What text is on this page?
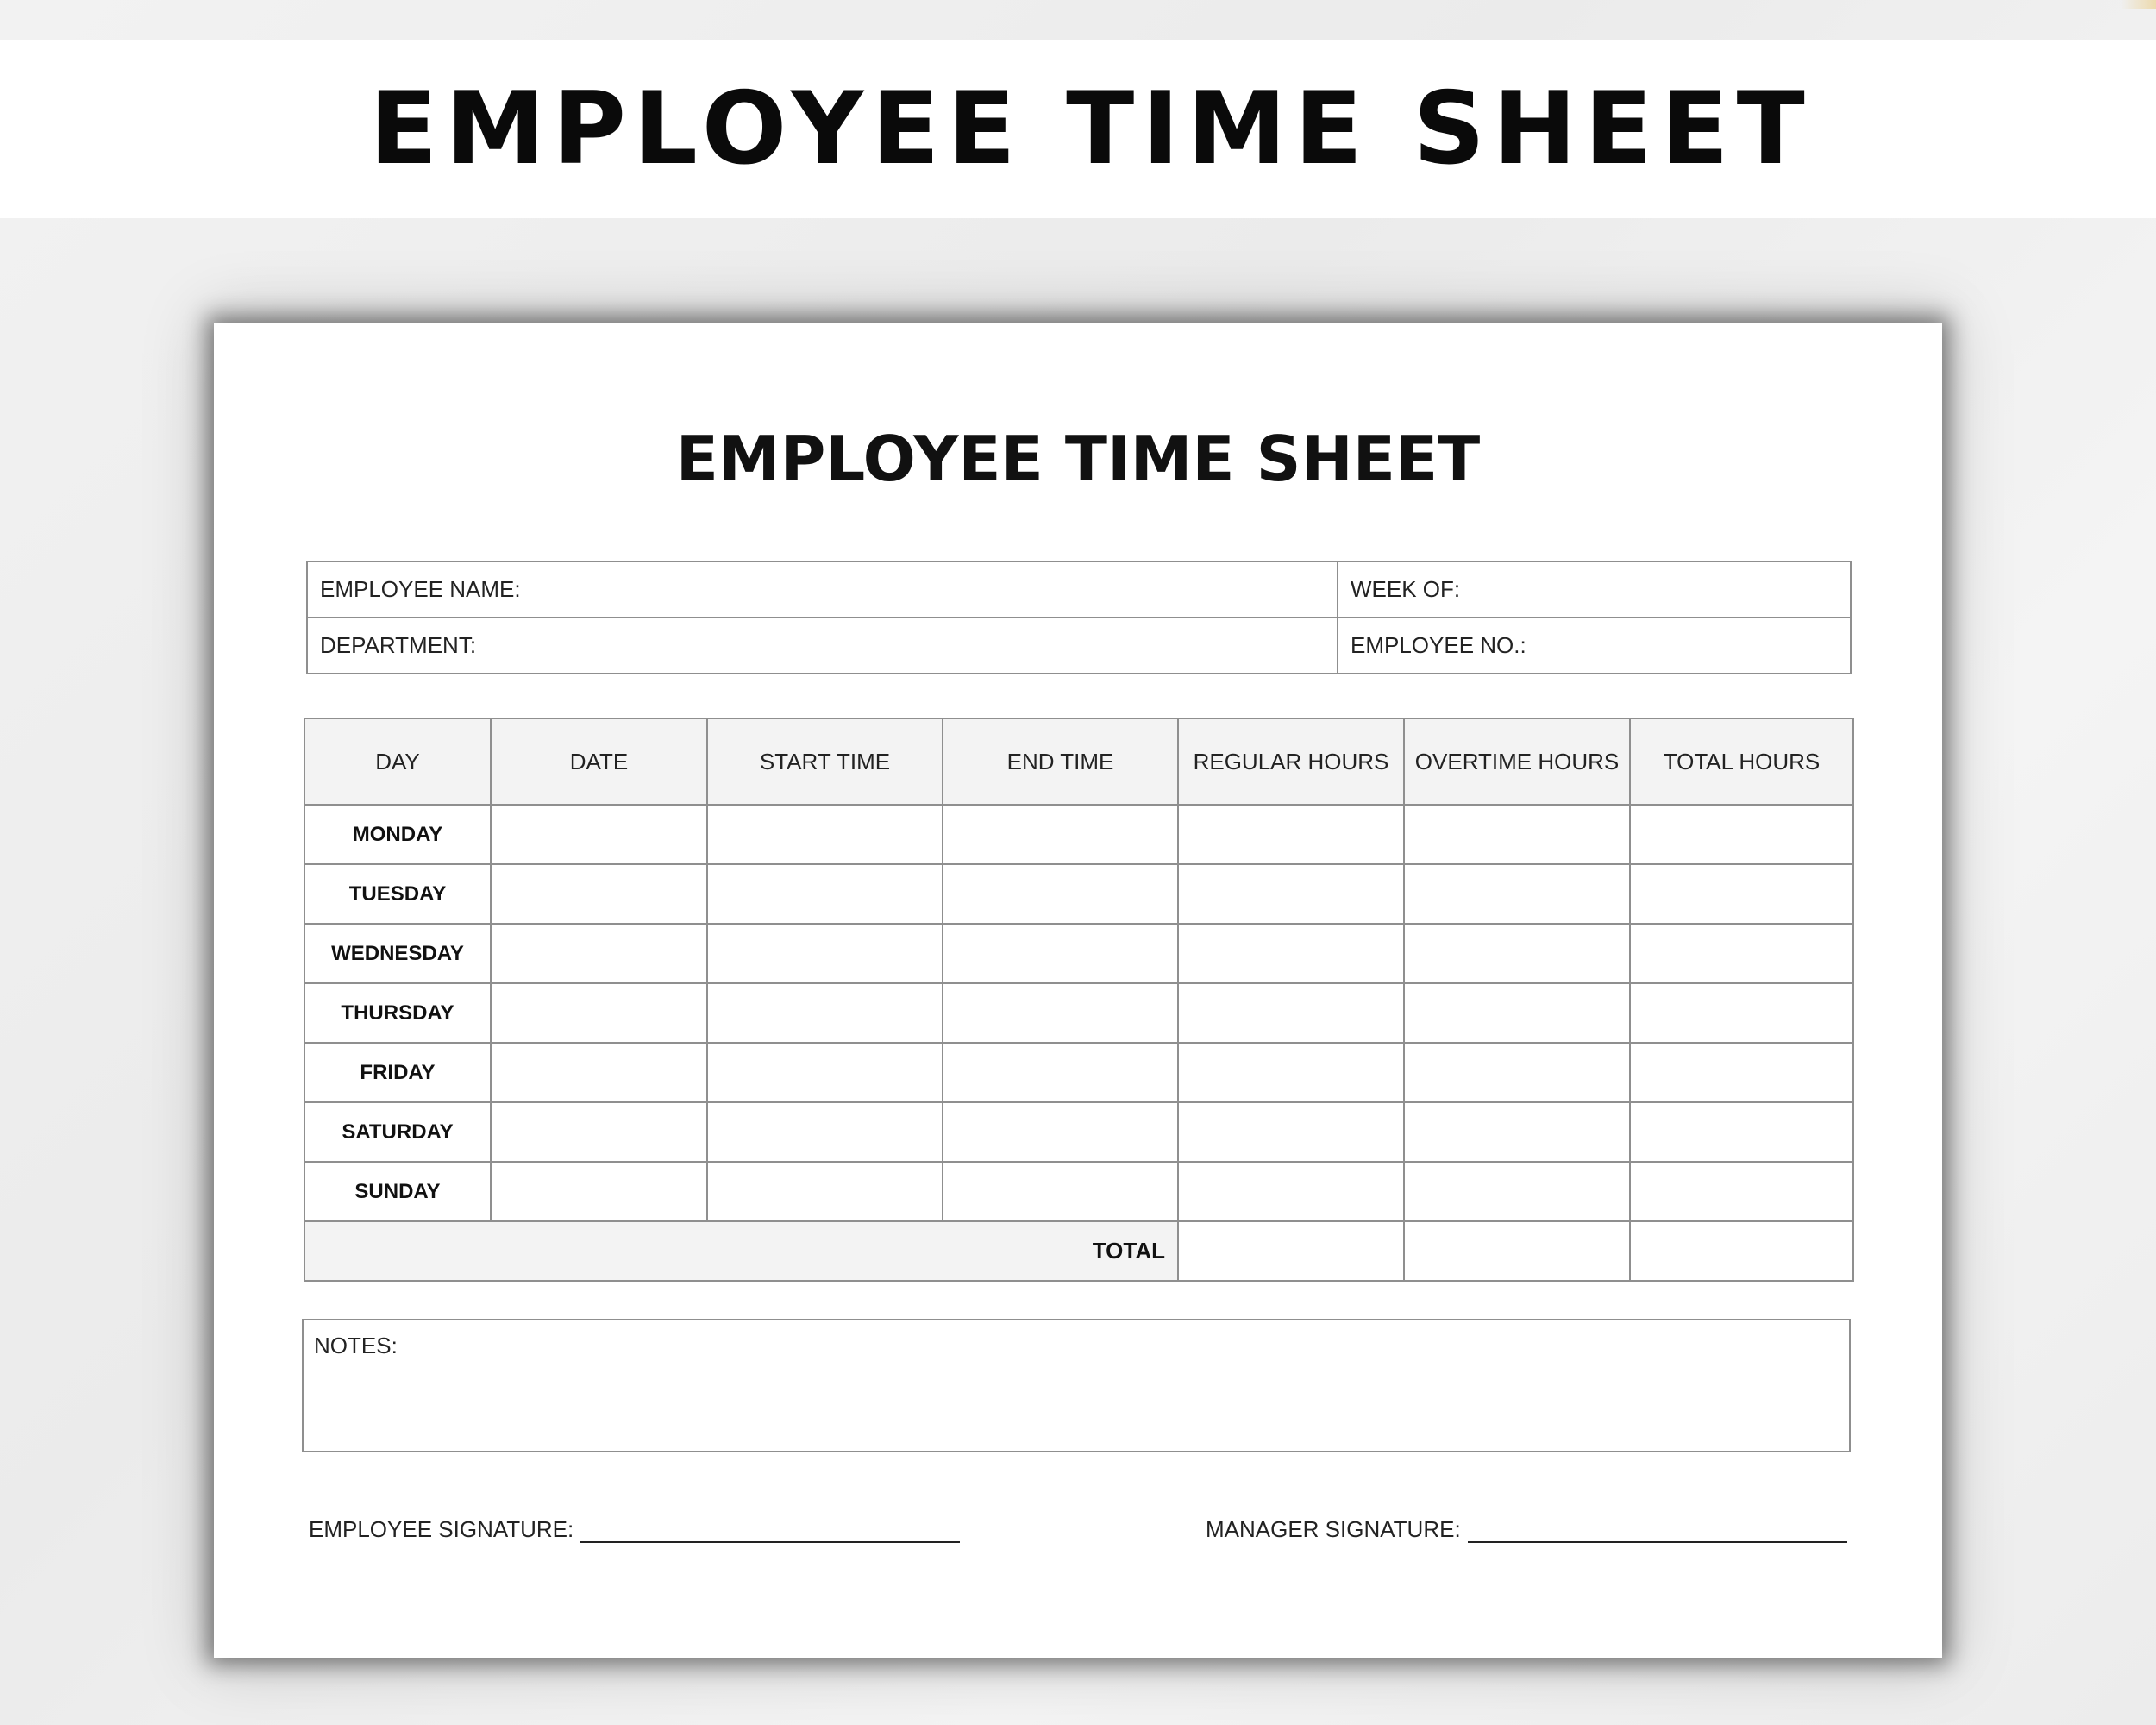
EMPLOYEE TIME SHEET
EMPLOYEE TIME SHEET
EMPLOYEE NAME:	WEEK OF:
DEPARTMENT:	EMPLOYEE NO.:
DAY	DATE	START TIME	END TIME	REGULAR HOURS	OVERTIME HOURS	TOTAL HOURS
MONDAY						
TUESDAY						
WEDNESDAY						
THURSDAY						
FRIDAY						
SATURDAY						
SUNDAY						
TOTAL						
NOTES:
EMPLOYEE SIGNATURE:	MANAGER SIGNATURE:
